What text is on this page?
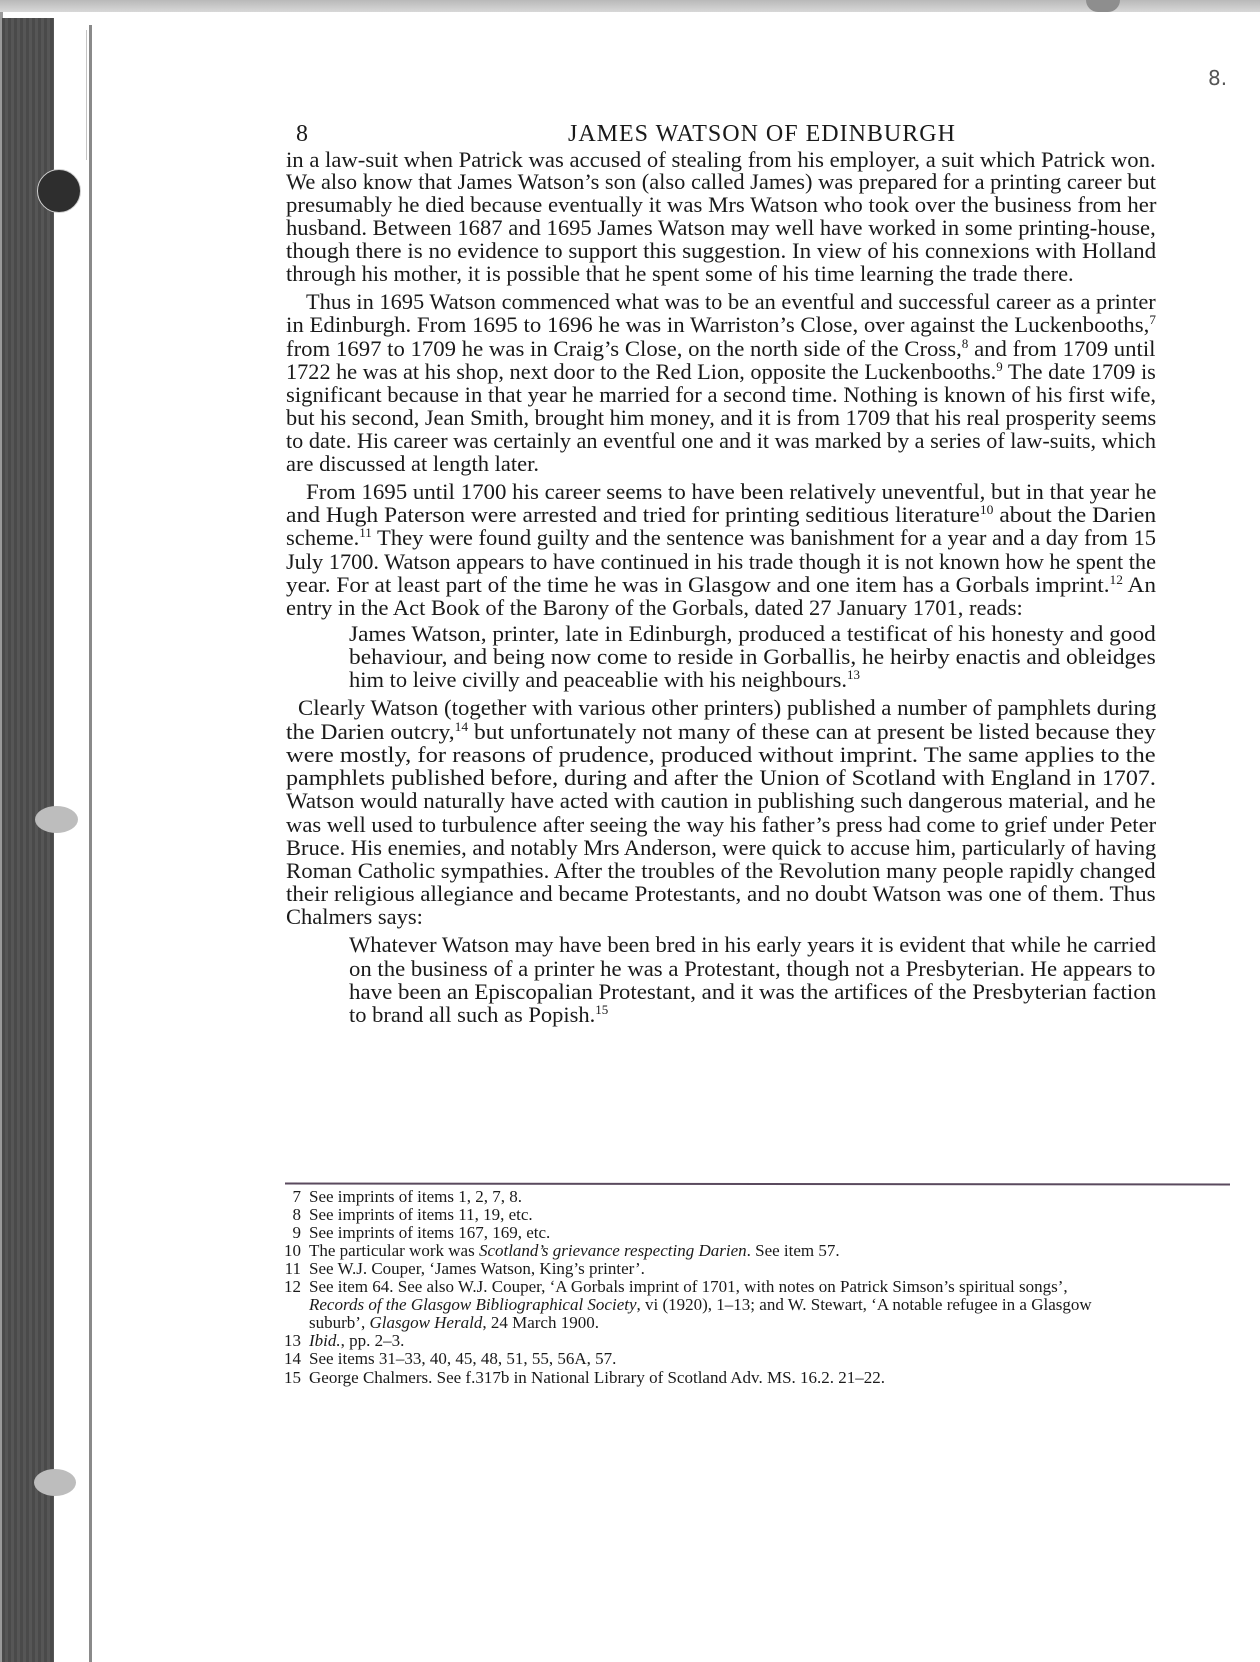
8.
8	JAMES WATSON OF EDINBURGH
in a law-suit when Patrick was accused of stealing from his employer, a suit which Patrick won.
We also know that James Watson’s son (also called James) was prepared for a printing career but
presumably he died because eventually it was Mrs Watson who took over the business from her
husband. Between 1687 and 1695 James Watson may well have worked in some printing-house,
though there is no evidence to support this suggestion. In view of his connexions with Holland
through his mother, it is possible that he spent some of his time learning the trade there.
Thus in 1695 Watson commenced what was to be an eventful and successful career as a printer
in Edinburgh. From 1695 to 1696 he was in Warriston’s Close, over against the Luckenbooths,$^7$
from 1697 to 1709 he was in Craig’s Close, on the north side of the Cross,$^8$ and from 1709 until
1722 he was at his shop, next door to the Red Lion, opposite the Luckenbooths.$^9$ The date 1709 is
significant because in that year he married for a second time. Nothing is known of his first wife,
but his second, Jean Smith, brought him money, and it is from 1709 that his real prosperity seems
to date. His career was certainly an eventful one and it was marked by a series of law-suits, which
are discussed at length later.
From 1695 until 1700 his career seems to have been relatively uneventful, but in that year he
and Hugh Paterson were arrested and tried for printing seditious literature$^{10}$ about the Darien
scheme.$^{11}$ They were found guilty and the sentence was banishment for a year and a day from 15
July 1700. Watson appears to have continued in his trade though it is not known how he spent the
year. For at least part of the time he was in Glasgow and one item has a Gorbals imprint.$^{12}$ An
entry in the Act Book of the Barony of the Gorbals, dated 27 January 1701, reads:
James Watson, printer, late in Edinburgh, produced a testificat of his honesty and good
behaviour, and being now come to reside in Gorballis, he heirby enactis and obleidges
him to leive civilly and peaceablie with his neighbours.$^{13}$
Clearly Watson (together with various other printers) published a number of pamphlets during
the Darien outcry,$^{14}$ but unfortunately not many of these can at present be listed because they
were mostly, for reasons of prudence, produced without imprint. The same applies to the
pamphlets published before, during and after the Union of Scotland with England in 1707.
Watson would naturally have acted with caution in publishing such dangerous material, and he
was well used to turbulence after seeing the way his father’s press had come to grief under Peter
Bruce. His enemies, and notably Mrs Anderson, were quick to accuse him, particularly of having
Roman Catholic sympathies. After the troubles of the Revolution many people rapidly changed
their religious allegiance and became Protestants, and no doubt Watson was one of them. Thus
Chalmers says:
Whatever Watson may have been bred in his early years it is evident that while he carried
on the business of a printer he was a Protestant, though not a Presbyterian. He appears to
have been an Episcopalian Protestant, and it was the artifices of the Presbyterian faction
to brand all such as Popish.$^{15}$
7 See imprints of items 1, 2, 7, 8.
8 See imprints of items 11, 19, etc.
9 See imprints of items 167, 169, etc.
10 The particular work was Scotland’s grievance respecting Darien. See item 57.
11 See W.J. Couper, ‘James Watson, King’s printer’.
12 See item 64. See also W.J. Couper, ‘A Gorbals imprint of 1701, with notes on Patrick Simson’s spiritual songs’,
Records of the Glasgow Bibliographical Society, vi (1920), 1–13; and W. Stewart, ‘A notable refugee in a Glasgow
suburb’, Glasgow Herald, 24 March 1900.
13 Ibid., pp. 2–3.
14 See items 31–33, 40, 45, 48, 51, 55, 56A, 57.
15 George Chalmers. See f.317b in National Library of Scotland Adv. MS. 16.2. 21–22.
